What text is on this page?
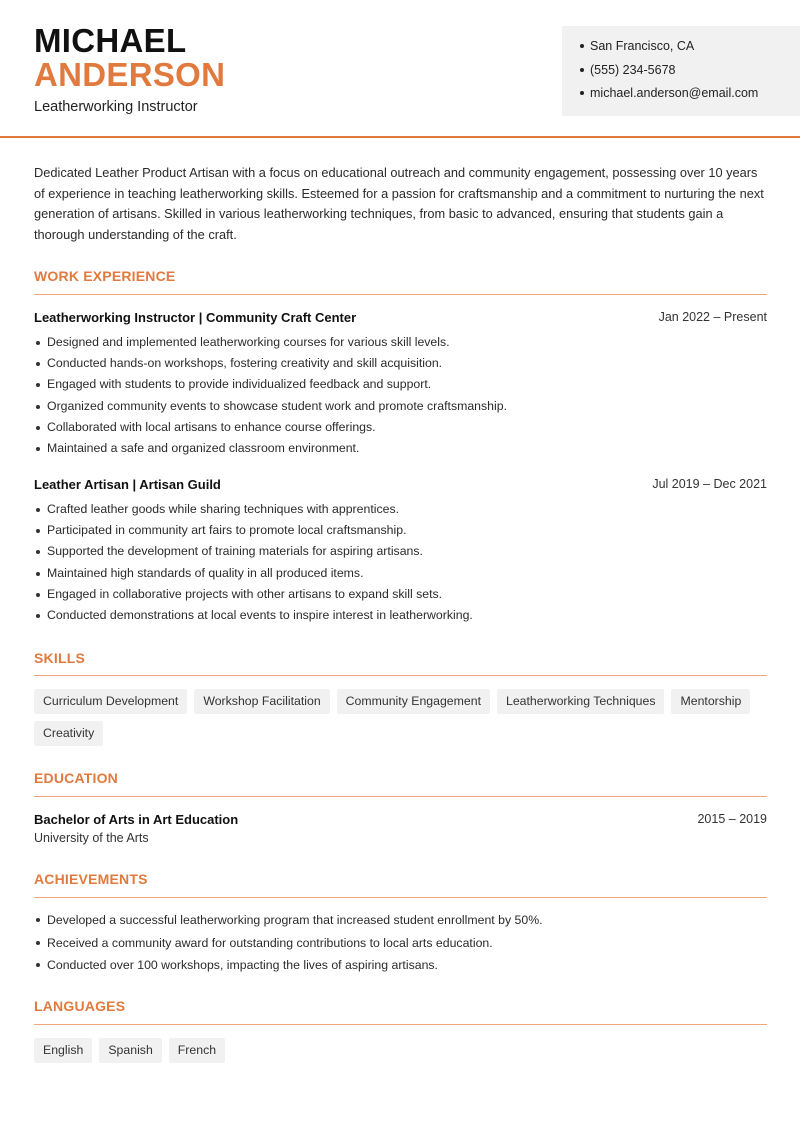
MICHAEL
ANDERSON
Leatherworking Instructor
San Francisco, CA
(555) 234-5678
michael.anderson@email.com

Dedicated Leather Product Artisan with a focus on educational outreach and community engagement, possessing over 10 years of experience in teaching leatherworking skills. Esteemed for a passion for craftsmanship and a commitment to nurturing the next generation of artisans. Skilled in various leatherworking techniques, from basic to advanced, ensuring that students gain a thorough understanding of the craft.

WORK EXPERIENCE
Leatherworking Instructor | Community Craft Center	Jan 2022 – Present
Designed and implemented leatherworking courses for various skill levels.
Conducted hands-on workshops, fostering creativity and skill acquisition.
Engaged with students to provide individualized feedback and support.
Organized community events to showcase student work and promote craftsmanship.
Collaborated with local artisans to enhance course offerings.
Maintained a safe and organized classroom environment.
Leather Artisan | Artisan Guild	Jul 2019 – Dec 2021
Crafted leather goods while sharing techniques with apprentices.
Participated in community art fairs to promote local craftsmanship.
Supported the development of training materials for aspiring artisans.
Maintained high standards of quality in all produced items.
Engaged in collaborative projects with other artisans to expand skill sets.
Conducted demonstrations at local events to inspire interest in leatherworking.
SKILLS
Curriculum Development	Workshop Facilitation	Community Engagement	Leatherworking Techniques	Mentorship
Creativity
EDUCATION
Bachelor of Arts in Art Education	2015 – 2019
University of the Arts
ACHIEVEMENTS
Developed a successful leatherworking program that increased student enrollment by 50%.
Received a community award for outstanding contributions to local arts education.
Conducted over 100 workshops, impacting the lives of aspiring artisans.
LANGUAGES
English	Spanish	French
